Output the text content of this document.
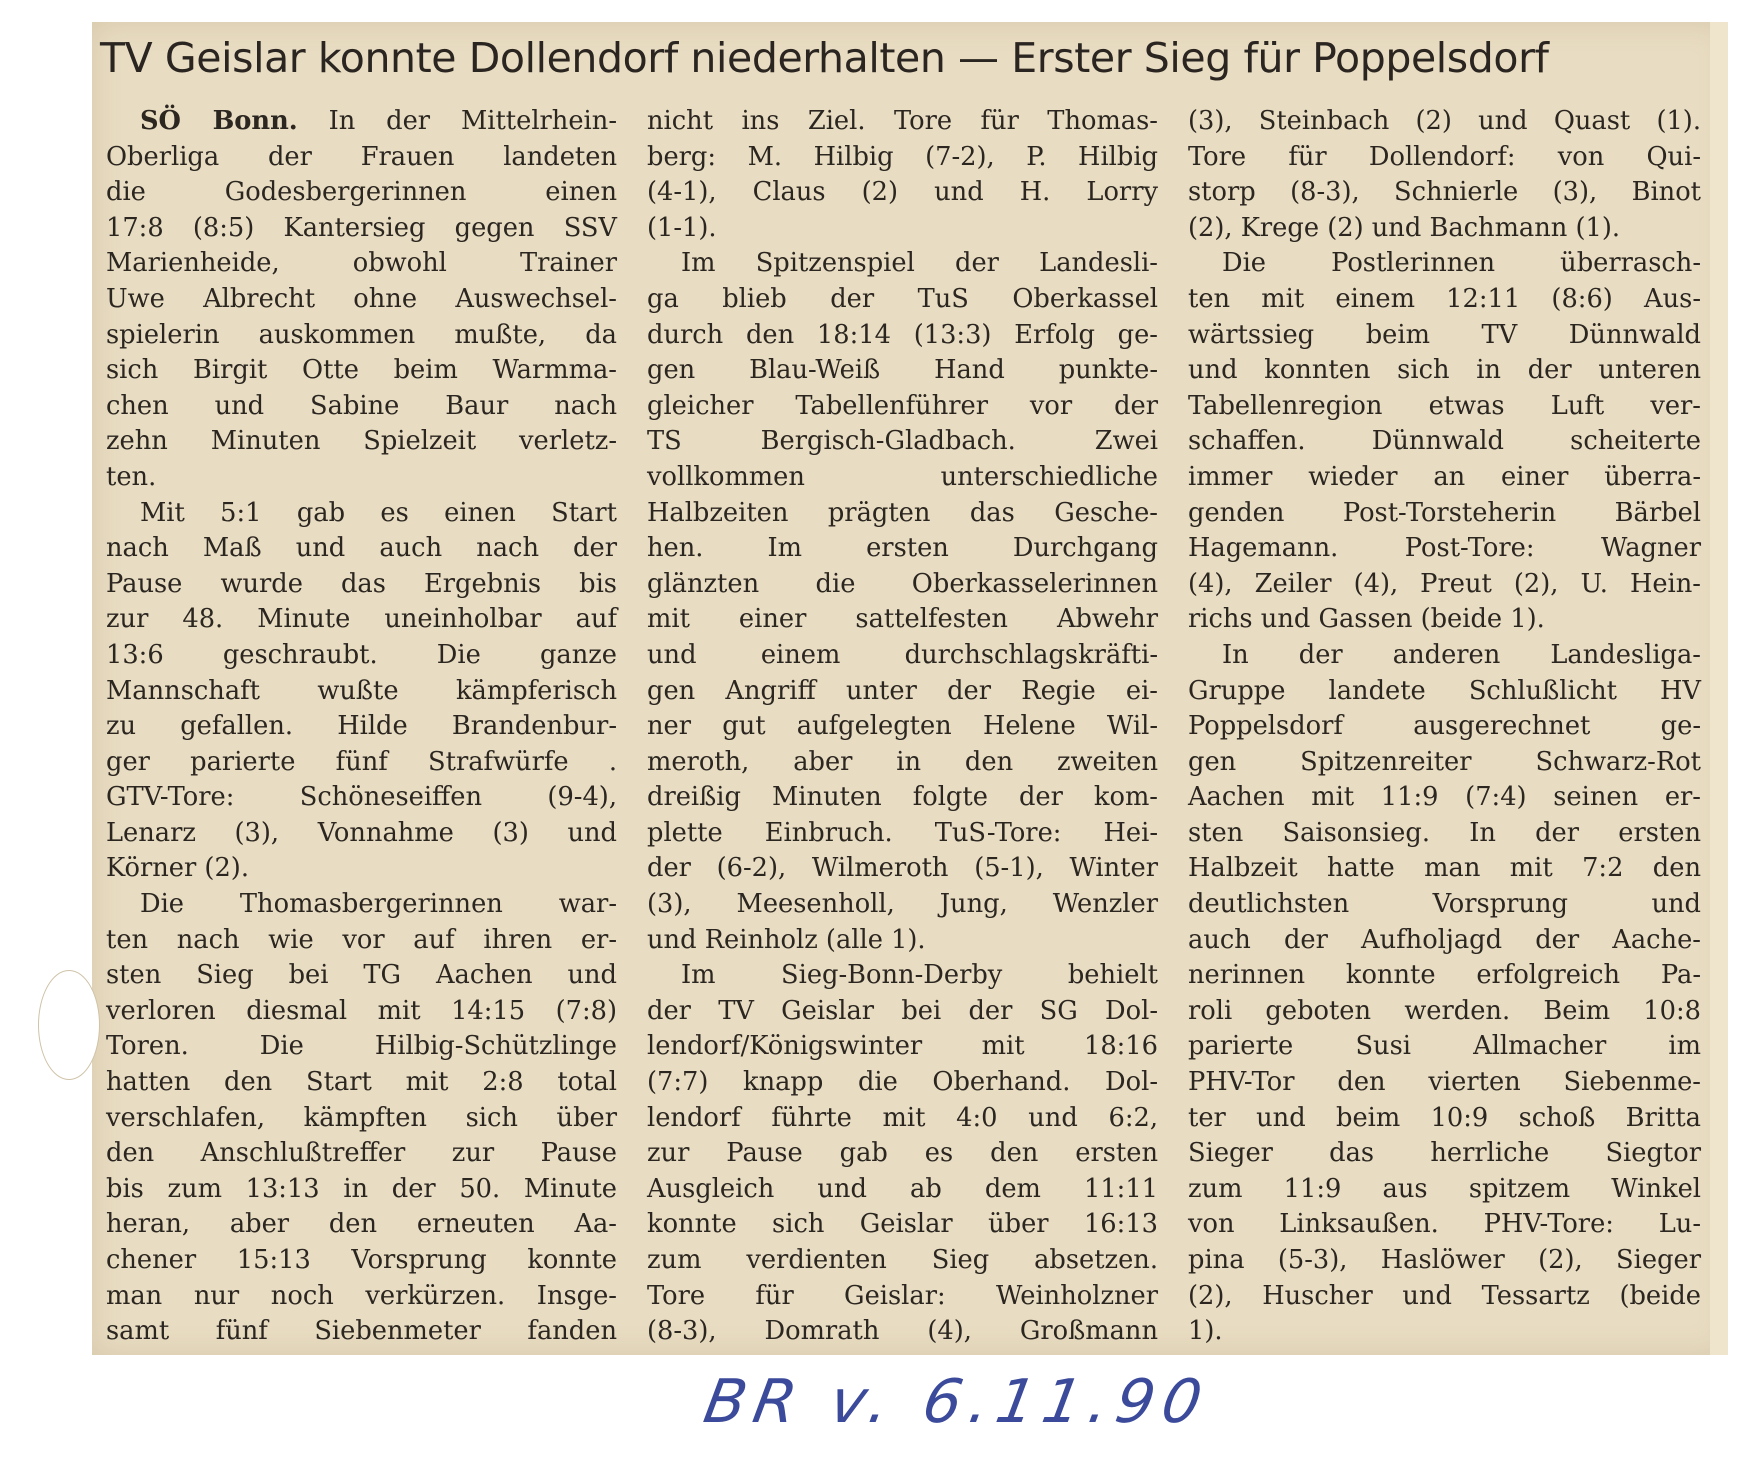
TV Geislar konnte Dollendorf niederhalten — Erster Sieg für Poppelsdorf
SÖ Bonn. In der Mittelrhein-
Oberliga der Frauen landeten
die Godesbergerinnen einen
17:8 (8:5) Kantersieg gegen SSV
Marienheide, obwohl Trainer
Uwe Albrecht ohne Auswechsel-
spielerin auskommen mußte, da
sich Birgit Otte beim Warmma-
chen und Sabine Baur nach
zehn Minuten Spielzeit verletz-
ten.
Mit 5:1 gab es einen Start
nach Maß und auch nach der
Pause wurde das Ergebnis bis
zur 48. Minute uneinholbar auf
13:6 geschraubt. Die ganze
Mannschaft wußte kämpferisch
zu gefallen. Hilde Brandenbur-
ger parierte fünf Strafwürfe .
GTV-Tore: Schöneseiffen (9-4),
Lenarz (3), Vonnahme (3) und
Körner (2).
Die Thomasbergerinnen war-
ten nach wie vor auf ihren er-
sten Sieg bei TG Aachen und
verloren diesmal mit 14:15 (7:8)
Toren. Die Hilbig-Schützlinge
hatten den Start mit 2:8 total
verschlafen, kämpften sich über
den Anschlußtreffer zur Pause
bis zum 13:13 in der 50. Minute
heran, aber den erneuten Aa-
chener 15:13 Vorsprung konnte
man nur noch verkürzen. Insge-
samt fünf Siebenmeter fanden
nicht ins Ziel. Tore für Thomas-
berg: M. Hilbig (7-2), P. Hilbig
(4-1), Claus (2) und H. Lorry
(1-1).
Im Spitzenspiel der Landesli-
ga blieb der TuS Oberkassel
durch den 18:14 (13:3) Erfolg ge-
gen Blau-Weiß Hand punkte-
gleicher Tabellenführer vor der
TS Bergisch-Gladbach. Zwei
vollkommen unterschiedliche
Halbzeiten prägten das Gesche-
hen. Im ersten Durchgang
glänzten die Oberkasselerinnen
mit einer sattelfesten Abwehr
und einem durchschlagskräfti-
gen Angriff unter der Regie ei-
ner gut aufgelegten Helene Wil-
meroth, aber in den zweiten
dreißig Minuten folgte der kom-
plette Einbruch. TuS-Tore: Hei-
der (6-2), Wilmeroth (5-1), Winter
(3), Meesenholl, Jung, Wenzler
und Reinholz (alle 1).
Im Sieg-Bonn-Derby behielt
der TV Geislar bei der SG Dol-
lendorf/Königswinter mit 18:16
(7:7) knapp die Oberhand. Dol-
lendorf führte mit 4:0 und 6:2,
zur Pause gab es den ersten
Ausgleich und ab dem 11:11
konnte sich Geislar über 16:13
zum verdienten Sieg absetzen.
Tore für Geislar: Weinholzner
(8-3), Domrath (4), Großmann
(3), Steinbach (2) und Quast (1).
Tore für Dollendorf: von Qui-
storp (8-3), Schnierle (3), Binot
(2), Krege (2) und Bachmann (1).
Die Postlerinnen überrasch-
ten mit einem 12:11 (8:6) Aus-
wärtssieg beim TV Dünnwald
und konnten sich in der unteren
Tabellenregion etwas Luft ver-
schaffen. Dünnwald scheiterte
immer wieder an einer überra-
genden Post-Torsteherin Bärbel
Hagemann. Post-Tore: Wagner
(4), Zeiler (4), Preut (2), U. Hein-
richs und Gassen (beide 1).
In der anderen Landesliga-
Gruppe landete Schlußlicht HV
Poppelsdorf ausgerechnet ge-
gen Spitzenreiter Schwarz-Rot
Aachen mit 11:9 (7:4) seinen er-
sten Saisonsieg. In der ersten
Halbzeit hatte man mit 7:2 den
deutlichsten Vorsprung und
auch der Aufholjagd der Aache-
nerinnen konnte erfolgreich Pa-
roli geboten werden. Beim 10:8
parierte Susi Allmacher im
PHV-Tor den vierten Siebenme-
ter und beim 10:9 schoß Britta
Sieger das herrliche Siegtor
zum 11:9 aus spitzem Winkel
von Linksaußen. PHV-Tore: Lu-
pina (5-3), Haslöwer (2), Sieger
(2), Huscher und Tessartz (beide
1).

BR v. 6.11.90
